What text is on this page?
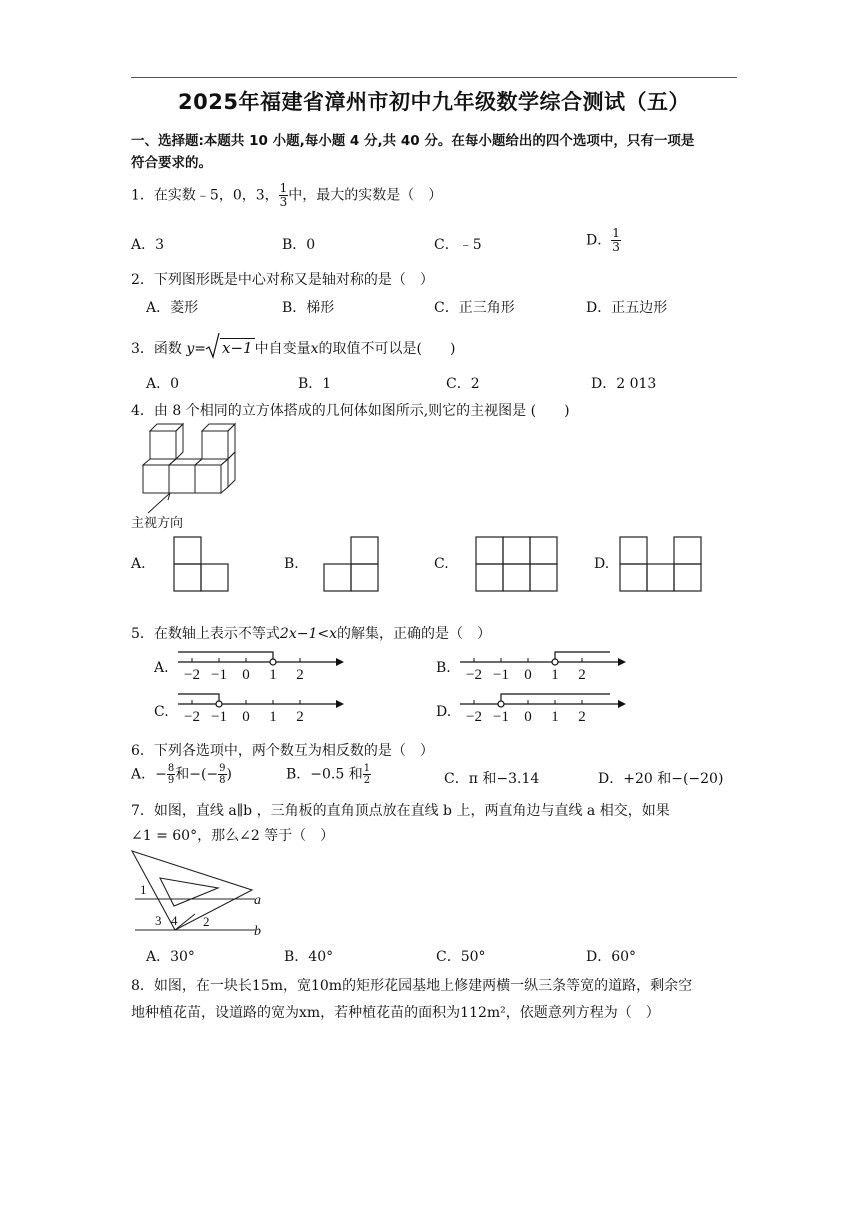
2025年福建省漳州市初中九年级数学综合测试（五）
一、选择题:本题共 10 小题,每小题 4 分,共 40 分。在每小题给出的四个选项中，只有一项是
符合要求的。
1．在实数﹣5，0，3， $\frac{1}{3}$ 中，最大的实数是（　）
A．3	B．0	C．﹣5	D． $\frac{1}{3}$
2．下列图形既是中心对称又是轴对称的是（　）
A．菱形	B．梯形	C．正三角形	D．正五边形
3．函数 y= x−1 中自变量x的取值不可以是(　　)
A．0	B．1	C．2	D．2 013
4．由 8 个相同的立方体搭成的几何体如图所示,则它的主视图是 (　　)
主视方向
A.	B.	C.	D.
5．在数轴上表示不等式2x−1<x的解集，正确的是（　）
A. −2 −1 0 1 2	B. −2 −1 0 1 2
C. −2 −1 0 1 2	D. −2 −1 0 1 2
6．下列各选项中，两个数互为相反数的是（　）
A．− $\frac{8}{9}$ 和−(− $\frac{9}{8}$ )	B．−0.5 和 $\frac{1}{2}$	C．π 和−3.14	D．+20 和−(−20)
7．如图，直线 a∥b ，三角板的直角顶点放在直线 b 上，两直角边与直线 a 相交，如果
∠1 = 60°，那么∠2 等于（　）
1
2
3 4
a
b
A．30°	B．40°	C．50°	D．60°
8．如图，在一块长15m，宽10m的矩形花园基地上修建两横一纵三条等宽的道路，剩余空
地种植花苗，设道路的宽为xm，若种植花苗的面积为112m²，依题意列方程为（　）
